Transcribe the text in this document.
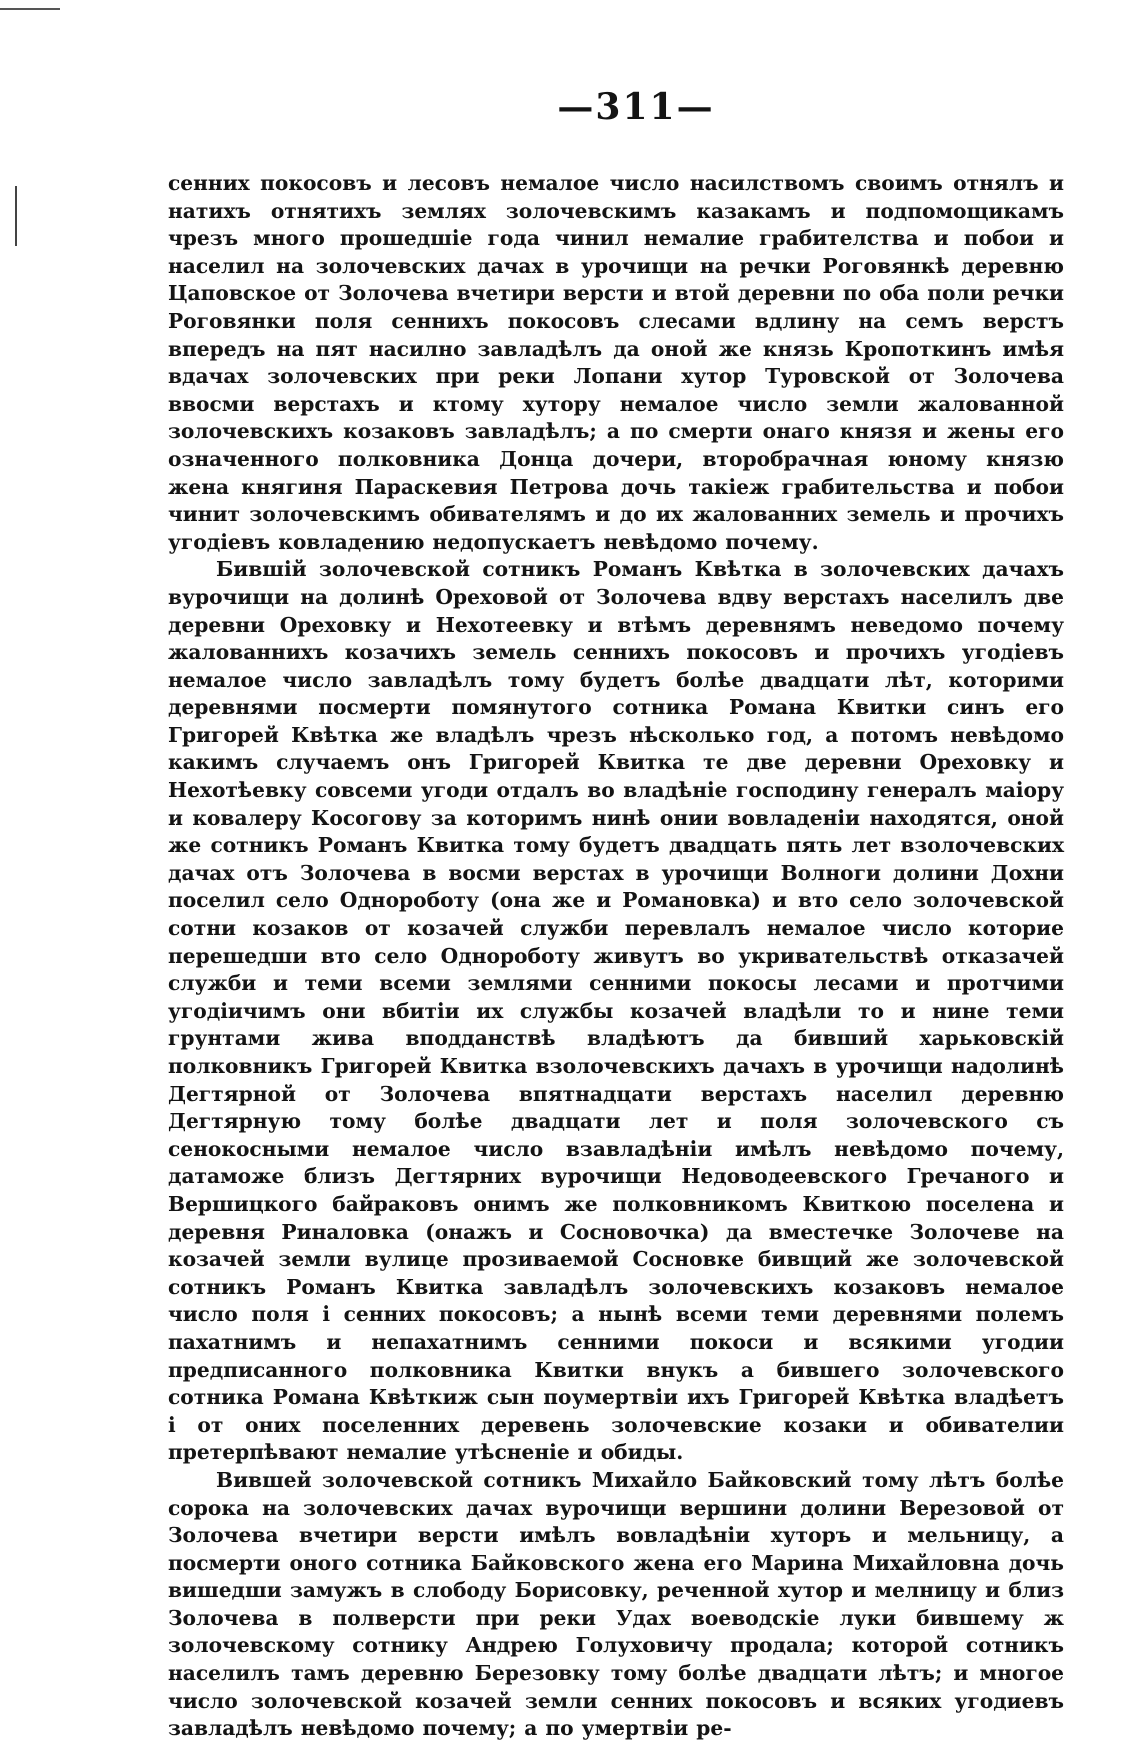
—311—

сенних покосовъ и лесовъ немалое число насилствомъ своимъ отнялъ и натихъ отнятихъ землях золочевскимъ казакамъ и подпомощикамъ чрезъ много прошедшіе года чинил немалие грабителства и побои и населил на золочевских дачах в урочищи на речки Роговянкѣ деревню Цаповское от Золочева вчетири версти и втой деревни по оба поли речки Роговянки поля сеннихъ покосовъ слесами вдлину на семъ верстъ впередъ на пят насилно завладѣлъ да оной же князь Кропоткинъ имѣя вдачах золочевских при реки Лопани хутор Туровской от Золочева ввосми верстахъ и ктому хутору немалое число земли жалованной золочевскихъ козаковъ завладѣлъ; а по смерти онаго князя и жены его означенного полковника Донца дочери, второбрачная юному князю жена княгиня Параскевия Петрова дочь такіеж грабительства и побои чинит золочевскимъ обивателямъ и до их жалованних земель и прочихъ угодіевъ ковладению недопускаетъ невѣдомо почему.

Бившій золочевской сотникъ Романъ Квѣтка в золочевских дачахъ вурочищи на долинѣ Ореховой от Золочева вдву верстахъ населилъ две деревни Ореховку и Нехотеевку и втѣмъ деревнямъ неведомо почему жалованнихъ козачихъ земель сеннихъ покосовъ и прочихъ угодіевъ немалое число завладѣлъ тому будетъ болѣе двадцати лѣт, которими деревнями посмерти помянутого сотника Романа Квитки синъ его Григорей Квѣтка же владѣлъ чрезъ нѣсколько год, а потомъ невѣдомо какимъ случаемъ онъ Григорей Квитка те две деревни Ореховку и Нехотѣевку совсеми угоди отдалъ во владѣніе господину генералъ маіору и ковалеру Косогову за которимъ нинѣ онии вовладеніи находятся, оной же сотникъ Романъ Квитка тому будетъ двадцать пять лет взолочевских дачах отъ Золочева в восми верстах в урочищи Волноги долини Дохни поселил село Однороботу (она же и Романовка) и вто село золочевской сотни козаков от козачей служби перевлалъ немалое число которие перешедши вто село Однороботу живутъ во укривательствѣ отказачей служби и теми всеми землями сенними покосы лесами и протчими угодіичимъ они вбитіи их службы козачей владѣли то и нине теми грунтами жива вподданствѣ владѣютъ да бивший харьковскій полковникъ Григорей Квитка взолочевскихъ дачахъ в урочищи надолинѣ Дегтярной от Золочева впятнадцати верстахъ населил деревню Дегтярную тому болѣе двадцати лет и поля золочевского съ сенокосными немалое число взавладѣніи имѣлъ невѣдомо почему, датаможе близъ Дегтярних вурочищи Недоводеевского Гречаного и Вершицкого байраковъ онимъ же полковникомъ Квиткою поселена и деревня Риналовка (онажъ и Сосновочка) да вместечке Золочеве на козачей земли вулице прозиваемой Сосновке бивщий же золочевской сотникъ Романъ Квитка завладѣлъ золочевскихъ козаковъ немалое число поля і сенних покосовъ; а нынѣ всеми теми деревнями полемъ пахатнимъ и непахатнимъ сенними покоси и всякими угодии предписанного полковника Квитки внукъ а бившего золочевского сотника Романа Квѣткиж сын поумертвіи ихъ Григорей Квѣтка владѣетъ і от оних поселенних деревень золочевские козаки и обивателии претерпѣвают немалие утѣсненіе и обиды.

Вившей золочевской сотникъ Михайло Байковский тому лѣтъ болѣе сорока на золочевских дачах вурочищи вершини долини Верезовой от Золочева вчетири версти имѣлъ вовладѣніи хуторъ и мельницу, а посмерти оного сотника Байковского жена его Марина Михайловна дочь вишедши замужъ в слободу Борисовку, реченной хутор и мелницу и близ Золочева в полверсти при реки Удах воеводскіе луки бившему ж золочевскому сотнику Андрею Голуховичу продала; которой сотникъ населилъ тамъ деревню Березовку тому болѣе двадцати лѣтъ; и многое число золочевской козачей земли сенних покосовъ и всяких угодиевъ завладѣлъ невѣдомо почему; а по умертвіи ре-
